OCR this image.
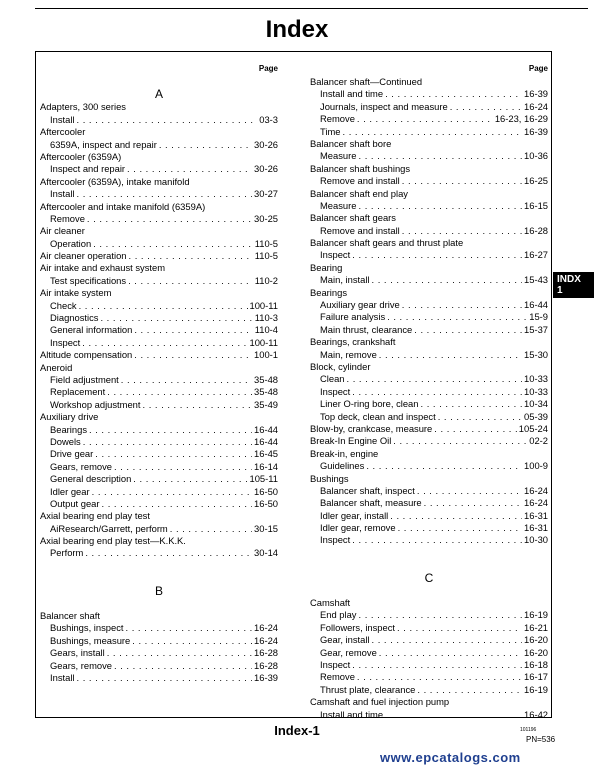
Index
INDX
1
Page
A
Adapters, 300 series
Install . . .	03-3
Aftercooler
6359A, inspect and repair . . .	30-26
Aftercooler (6359A)
Inspect and repair . . .	30-26
Aftercooler (6359A), intake manifold
Install . . .	30-27
Aftercooler and intake manifold (6359A)
Remove . . .	30-25
Air cleaner
Operation . . .	110-5
Air cleaner operation . . .	110-5
Air intake and exhaust system
Test specifications . . .	110-2
Air intake system
Check . . .	100-11
Diagnostics . . .	110-3
General information . . .	110-4
Inspect . . .	100-11
Altitude compensation . . .	100-1
Aneroid
Field adjustment . . .	35-48
Replacement . . .	35-48
Workshop adjustment . . .	35-49
Auxiliary drive
Bearings . . .	16-44
Dowels . . .	16-44
Drive gear . . .	16-45
Gears, remove . . .	16-14
General description . . .	105-11
Idler gear . . .	16-50
Output gear . . .	16-50
Axial bearing end play test
AiResearch/Garrett, perform . . .	30-15
Axial bearing end play test—K.K.K.
Perform . . .	30-14
B
Balancer shaft
Bushings, inspect . . .	16-24
Bushings, measure . . .	16-24
Gears, install . . .	16-28
Gears, remove . . .	16-28
Install . . .	16-39
Page
Balancer shaft—Continued
Install and time . . .	16-39
Journals, inspect and measure . . .	16-24
Remove . . .	16-23, 16-29
Time . . .	16-39
Balancer shaft bore
Measure . . .	10-36
Balancer shaft bushings
Remove and install . . .	16-25
Balancer shaft end play
Measure . . .	16-15
Balancer shaft gears
Remove and install . . .	16-28
Balancer shaft gears and thrust plate
Inspect . . .	16-27
Bearing
Main, install . . .	15-43
Bearings
Auxiliary gear drive . . .	16-44
Failure analysis . . .	15-9
Main thrust, clearance . . .	15-37
Bearings, crankshaft
Main, remove . . .	15-30
Block, cylinder
Clean . . .	10-33
Inspect . . .	10-33
Liner O-ring bore, clean . . .	10-34
Top deck, clean and inspect . . .	05-39
Blow-by, crankcase, measure . . .	105-24
Break-In Engine Oil . . .	02-2
Break-in, engine
Guidelines . . .	100-9
Bushings
Balancer shaft, inspect . . .	16-24
Balancer shaft, measure . . .	16-24
Idler gear, install . . .	16-31
Idler gear, remove . . .	16-31
Inspect . . .	10-30
C
Camshaft
End play . . .	16-19
Followers, inspect . . .	16-21
Gear, install . . .	16-20
Gear, remove . . .	16-20
Inspect . . .	16-18
Remove . . .	16-17
Thrust plate, clearance . . .	16-19
Camshaft and fuel injection pump
Install and time . . .	16-42
Index-1	101196
PN=536
www.epcatalogs.com
